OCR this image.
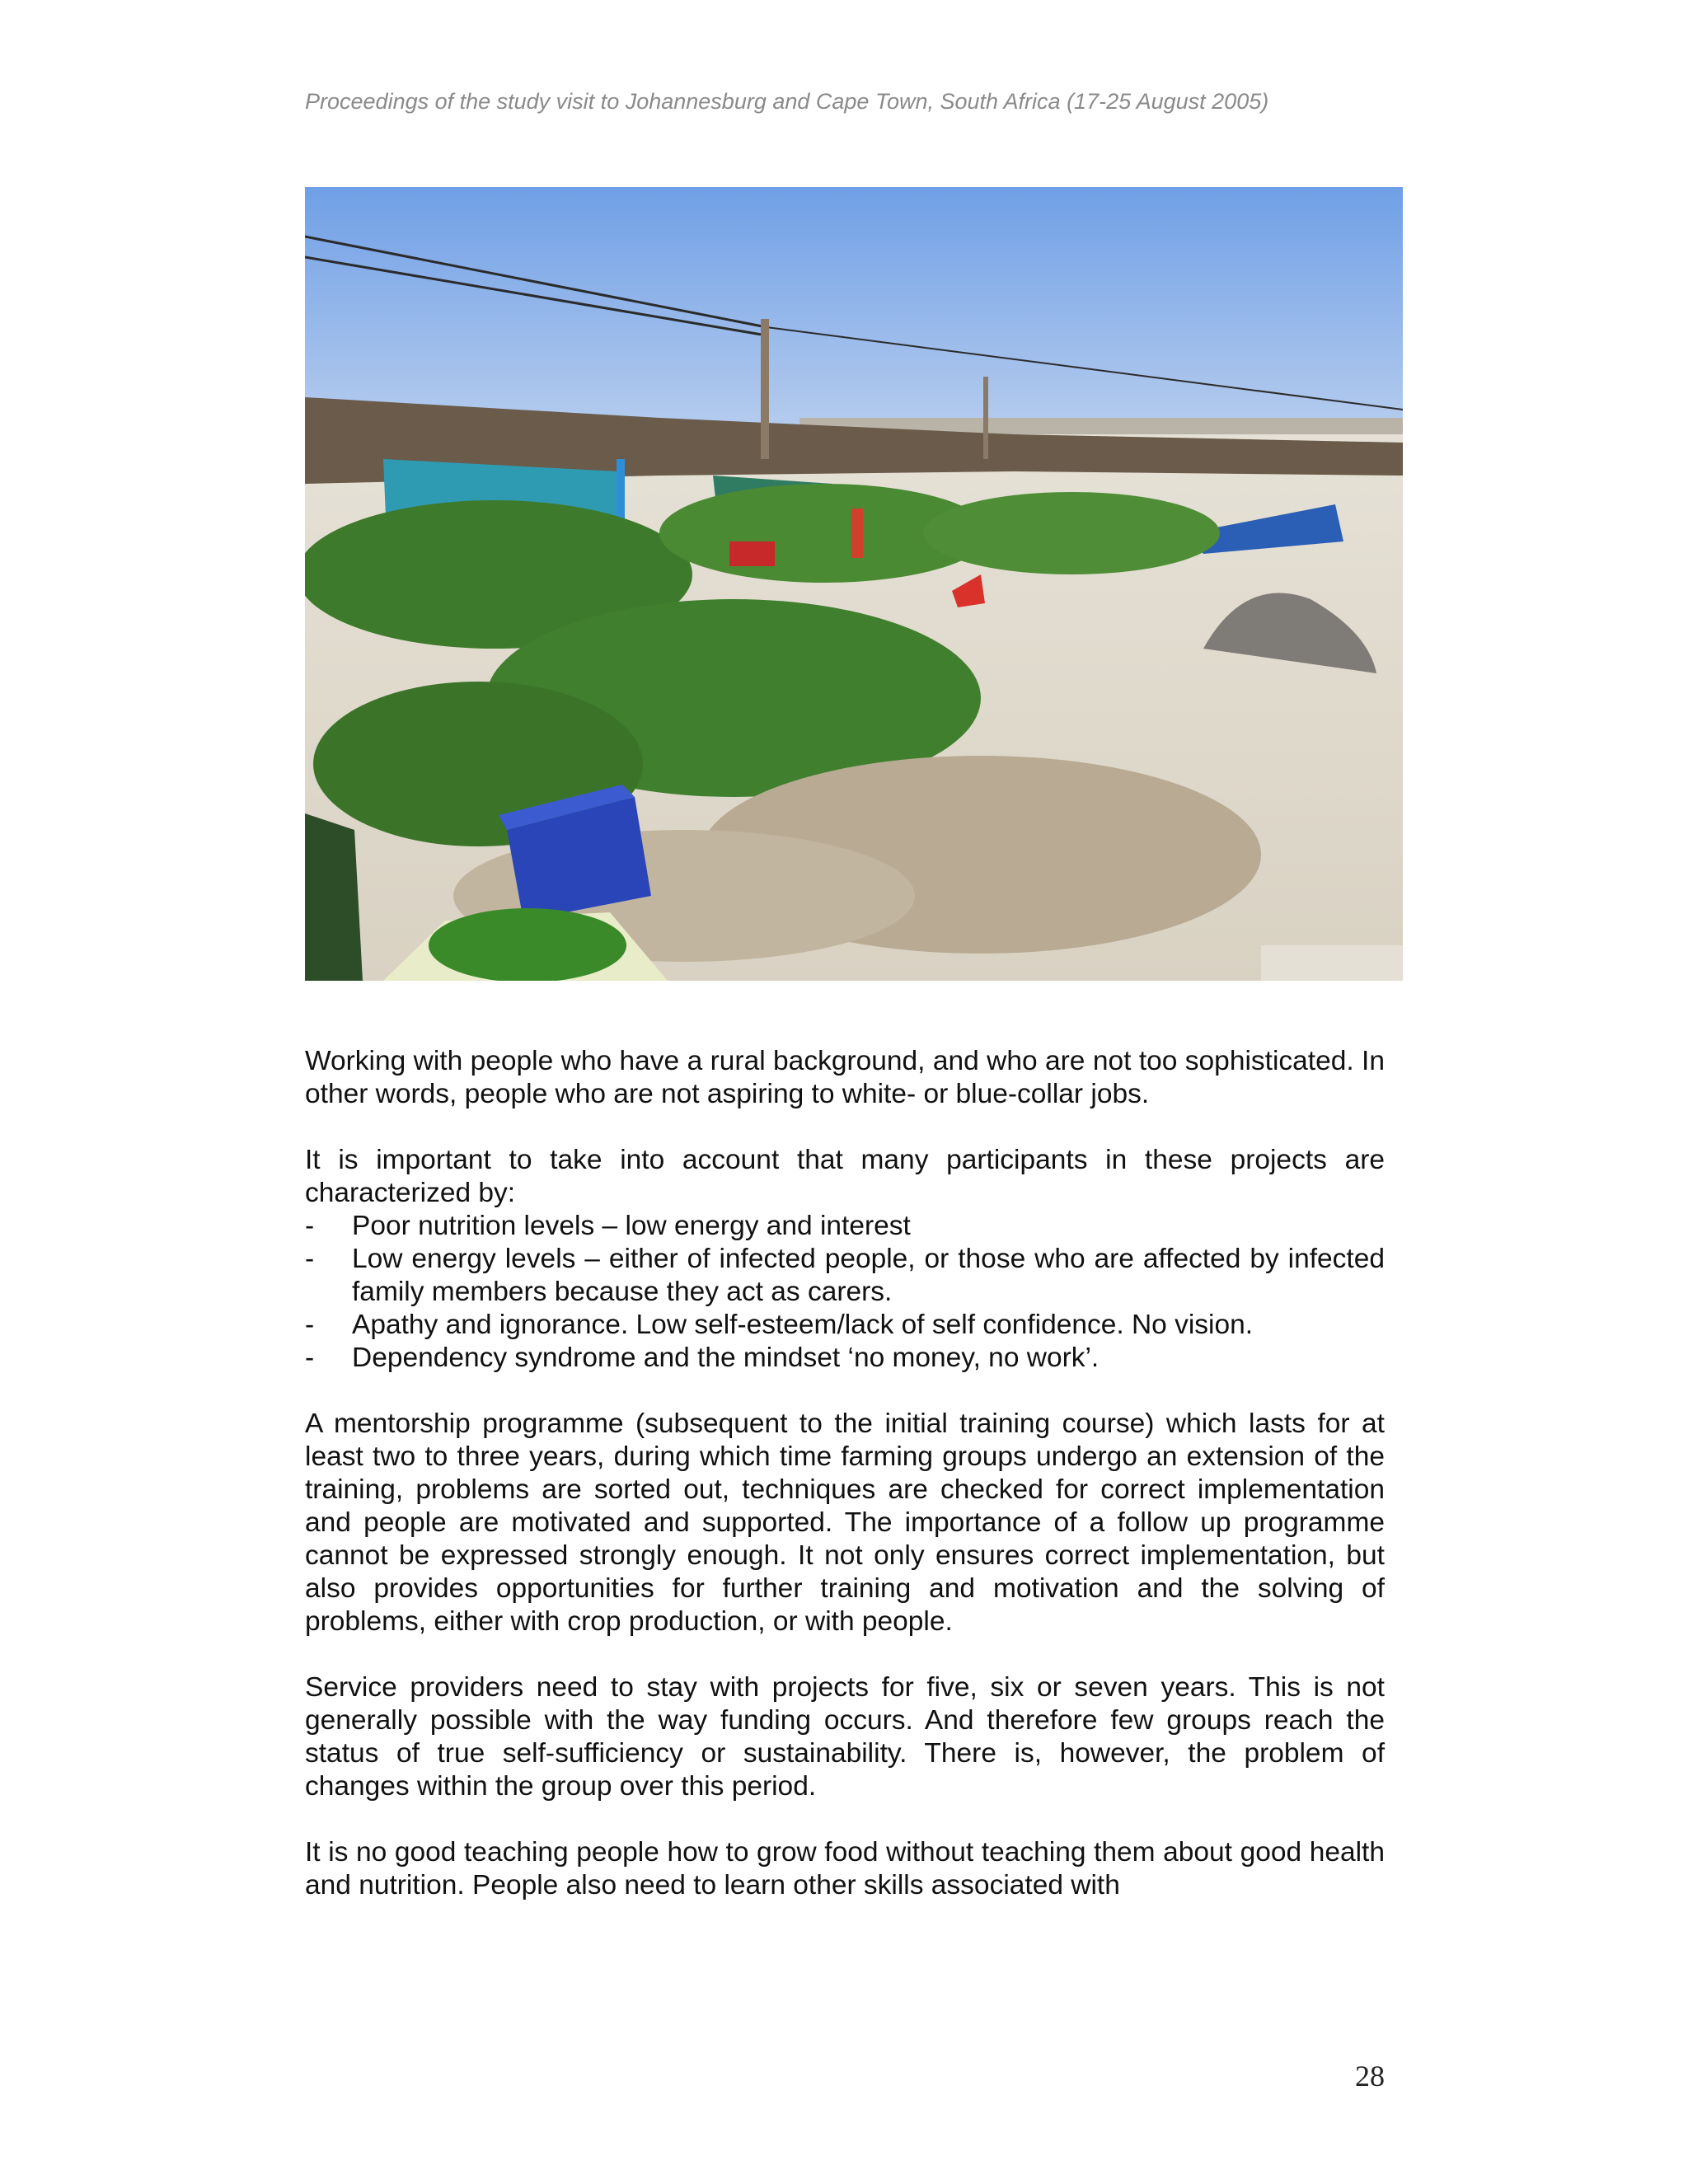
Proceedings of the study visit to Johannesburg and Cape Town, South Africa (17-25 August 2005)

Working with people who have a rural background, and who are not too sophisticated. In other words, people who are not aspiring to white- or blue-collar jobs.

It is important to take into account that many participants in these projects are characterized by:

- Poor nutrition levels – low energy and interest
- Low energy levels – either of infected people, or those who are affected by infected family members because they act as carers.
- Apathy and ignorance. Low self-esteem/lack of self confidence. No vision.
- Dependency syndrome and the mindset ‘no money, no work’.

A mentorship programme (subsequent to the initial training course) which lasts for at least two to three years, during which time farming groups undergo an extension of the training, problems are sorted out, techniques are checked for correct implementation and people are motivated and supported. The importance of a follow up programme cannot be expressed strongly enough. It not only ensures correct implementation, but also provides opportunities for further training and motivation and the solving of problems, either with crop production, or with people.

Service providers need to stay with projects for five, six or seven years. This is not generally possible with the way funding occurs. And therefore few groups reach the status of true self-sufficiency or sustainability. There is, however, the problem of changes within the group over this period.

It is no good teaching people how to grow food without teaching them about good health and nutrition. People also need to learn other skills associated with

28
